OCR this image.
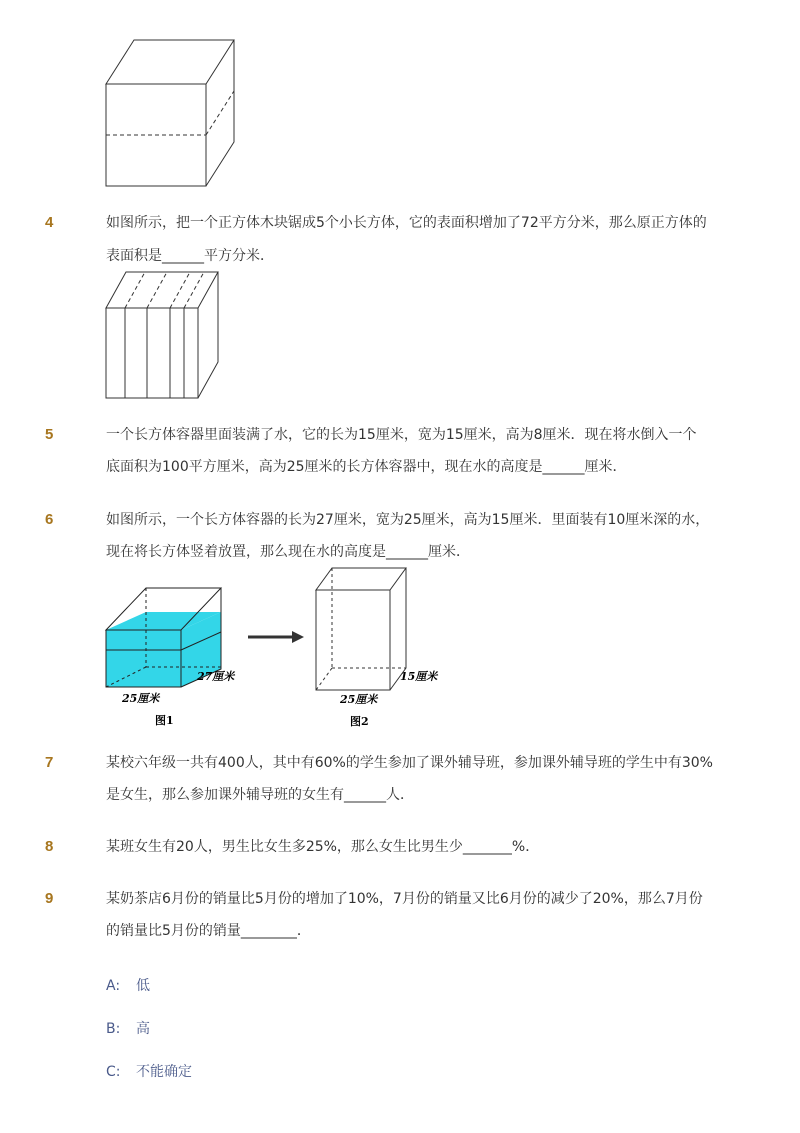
4	如图所示，把一个正方体木块锯成5个小长方体，它的表面积增加了72平方分米，那么原正方体的
表面积是______平方分米．
5	一个长方体容器里面装满了水，它的长为15厘米，宽为15厘米，高为8厘米．现在将水倒入一个
底面积为100平方厘米，高为25厘米的长方体容器中，现在水的高度是______厘米．
6	如图所示，一个长方体容器的长为27厘米，宽为25厘米，高为15厘米．里面装有10厘米深的水，
现在将长方体竖着放置，那么现在水的高度是______厘米．
27厘米
25厘米
图1
15厘米
25厘米
图2
7	某校六年级一共有400人，其中有60%的学生参加了课外辅导班，参加课外辅导班的学生中有30%
是女生，那么参加课外辅导班的女生有______人．
8	某班女生有20人，男生比女生多25%，那么女生比男生少_______%．
9	某奶茶店6月份的销量比5月份的增加了10%，7月份的销量又比6月份的减少了20%，那么7月份
的销量比5月份的销量________．
A: 低
B: 高
C: 不能确定
